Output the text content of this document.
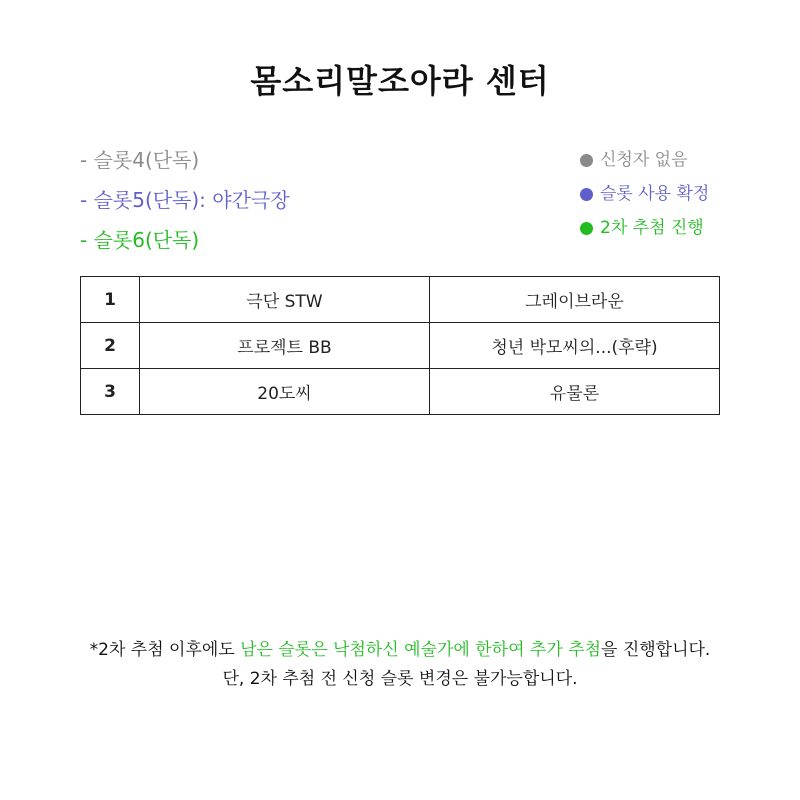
몸소리말조아라 센터
- 슬롯4(단독)
- 슬롯5(단독): 야간극장
- 슬롯6(단독)
신청자 없음
슬롯 사용 확정
2차 추첨 진행
1	극단 STW	그레이브라운
2	프로젝트 BB	청년 박모씨의...(후략)
3	20도씨	유물론
*2차 추첨 이후에도 남은 슬롯은 낙첨하신 예술가에 한하여 추가 추첨을 진행합니다.
단, 2차 추첨 전 신청 슬롯 변경은 불가능합니다.
